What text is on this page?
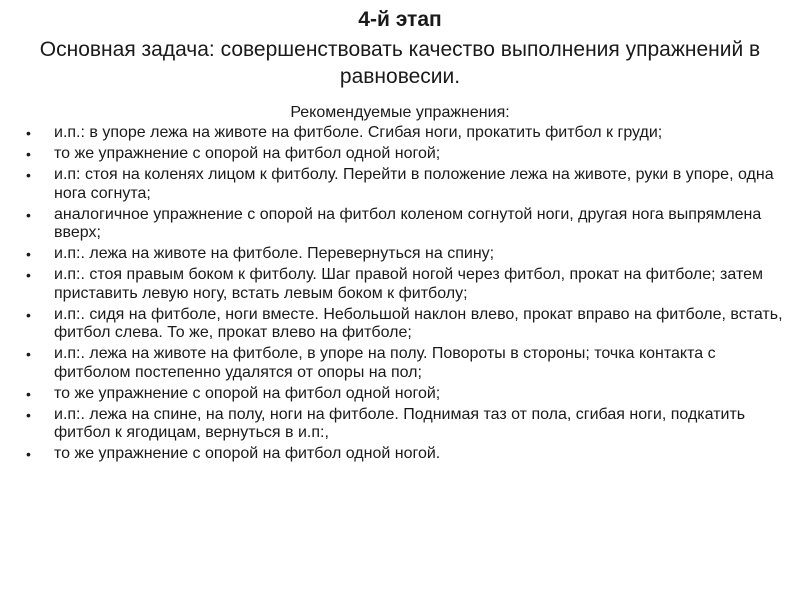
4-й этап

Основная задача: совершенствовать качество выполнения упражнений в равновесии.

Рекомендуемые упражнения:
• и.п.: в упоре лежа на животе на фитболе. Сгибая ноги, прокатить фитбол к груди;
• то же упражнение с опорой на фитбол одной ногой;
• и.п: стоя на коленях лицом к фитболу. Перейти в положение лежа на животе, руки в упоре, одна нога согнута;
• аналогичное упражнение с опорой на фитбол коленом согнутой ноги, другая нога выпрямлена вверх;
• и.п:. лежа на животе на фитболе. Перевернуться на спину;
• и.п:. стоя правым боком к фитболу. Шаг правой ногой через фитбол, прокат на фитболе; затем приставить левую ногу, встать левым боком к фитболу;
• и.п:. сидя на фитболе, ноги вместе. Небольшой наклон влево, прокат вправо на фитболе, встать, фитбол слева. То же, прокат влево на фитболе;
• и.п:. лежа на животе на фитболе, в упоре на полу. Повороты в стороны; точка контакта с фитболом постепенно удалятся от опоры на пол;
• то же упражнение с опорой на фитбол одной ногой;
• и.п:. лежа на спине, на полу, ноги на фитболе. Поднимая таз от пола, сгибая ноги, подкатить фитбол к ягодицам, вернуться в и.п:,
• то же упражнение с опорой на фитбол одной ногой.
